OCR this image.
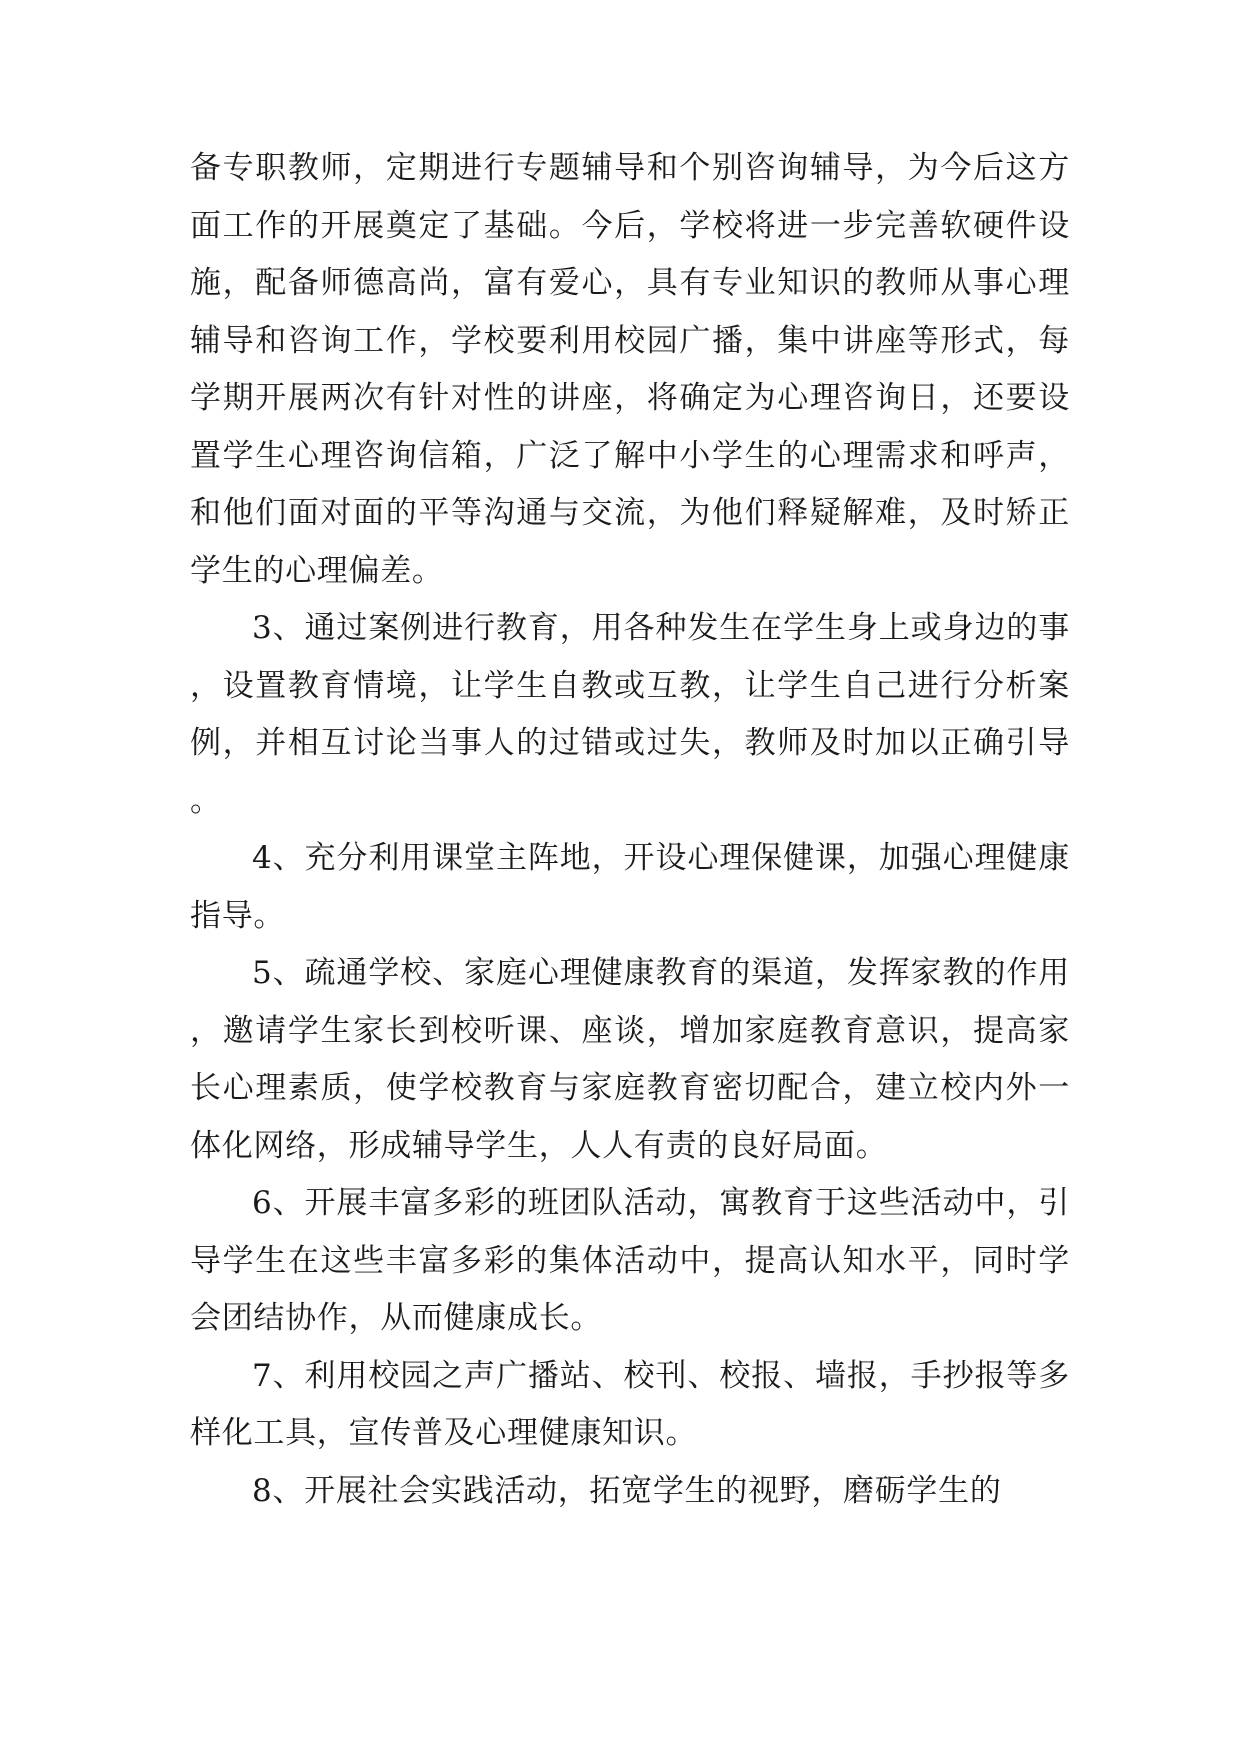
备专职教师，定期进行专题辅导和个别咨询辅导，为今后这方面工作的开展奠定了基础。今后，学校将进一步完善软硬件设施，配备师德高尚，富有爱心，具有专业知识的教师从事心理辅导和咨询工作，学校要利用校园广播，集中讲座等形式，每学期开展两次有针对性的讲座，将确定为心理咨询日，还要设置学生心理咨询信箱，广泛了解中小学生的心理需求和呼声，和他们面对面的平等沟通与交流，为他们释疑解难，及时矫正学生的心理偏差。

3、通过案例进行教育，用各种发生在学生身上或身边的事，设置教育情境，让学生自教或互教，让学生自己进行分析案例，并相互讨论当事人的过错或过失，教师及时加以正确引导。

4、充分利用课堂主阵地，开设心理保健课，加强心理健康指导。

5、疏通学校、家庭心理健康教育的渠道，发挥家教的作用，邀请学生家长到校听课、座谈，增加家庭教育意识，提高家长心理素质，使学校教育与家庭教育密切配合，建立校内外一体化网络，形成辅导学生，人人有责的良好局面。

6、开展丰富多彩的班团队活动，寓教育于这些活动中，引导学生在这些丰富多彩的集体活动中，提高认知水平，同时学会团结协作，从而健康成长。

7、利用校园之声广播站、校刊、校报、墙报，手抄报等多样化工具，宣传普及心理健康知识。

8、开展社会实践活动，拓宽学生的视野，磨砺学生的
